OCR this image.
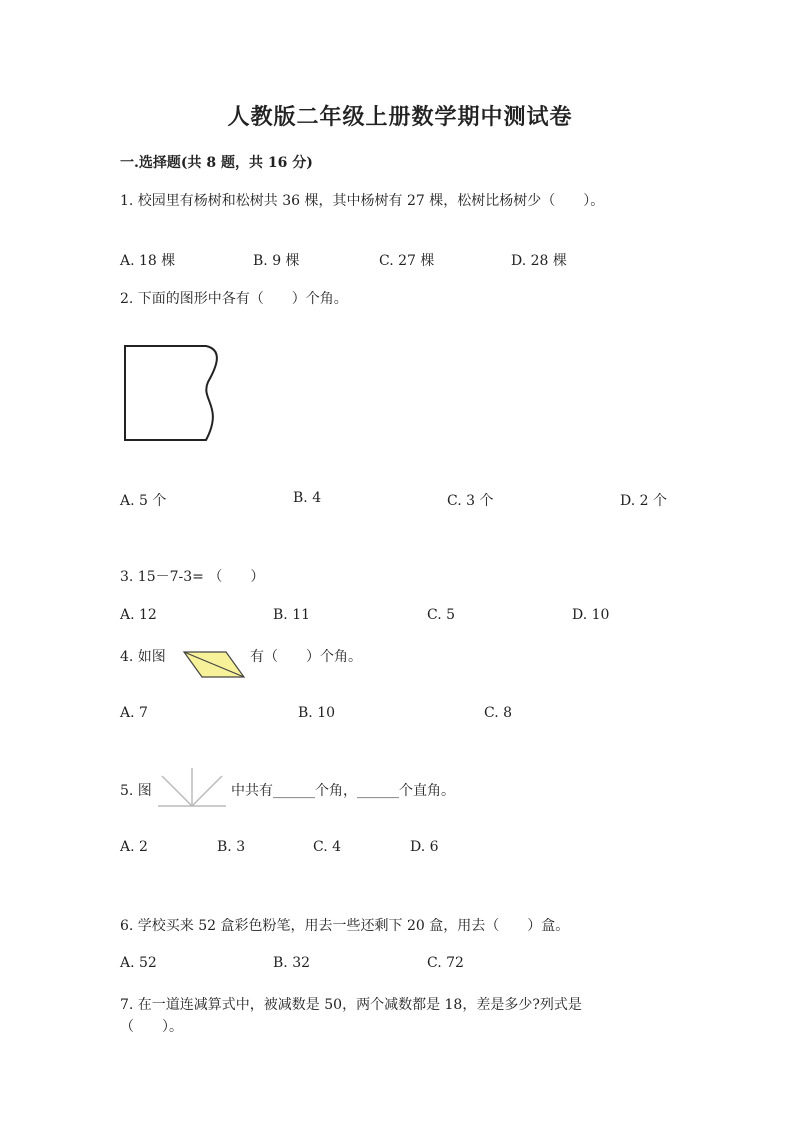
人教版二年级上册数学期中测试卷
一.选择题(共 8 题，共 16 分)
1. 校园里有杨树和松树共 36 棵，其中杨树有 27 棵，松树比杨树少（　　）。
A. 18 棵	B. 9 棵	C. 27 棵	D. 28 棵
2. 下面的图形中各有（　　）个角。
A. 5 个	B. 4	C. 3 个	D. 2 个
3. 15－7-3= （　　）
A. 12	B. 11	C. 5	D. 10
4. 如图	有（　　）个角。
A. 7	B. 10	C. 8
5. 图	中共有______个角，______个直角。
A. 2	B. 3	C. 4	D. 6
6. 学校买来 52 盒彩色粉笔，用去一些还剩下 20 盒，用去（　　）盒。
A. 52	B. 32	C. 72
7. 在一道连减算式中，被减数是 50，两个减数都是 18，差是多少?列式是
（　　）。
